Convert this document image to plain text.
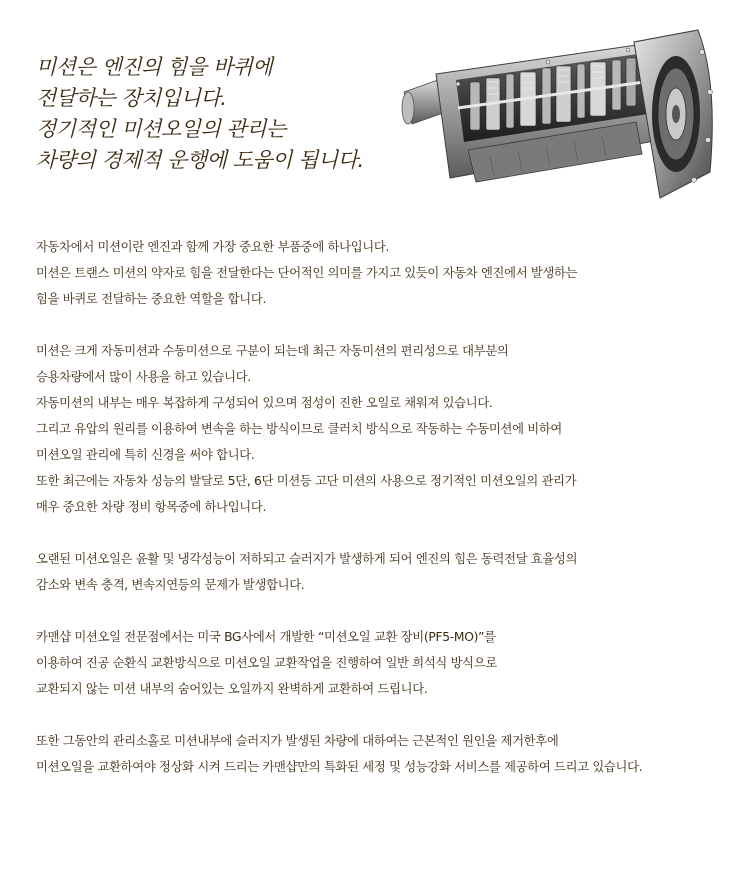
미션은 엔진의 힘을 바퀴에
전달하는 장치입니다.
정기적인 미션오일의 관리는
차량의 경제적 운행에 도움이 됩니다.

자동차에서 미션이란 엔진과 함께 가장 중요한 부품중에 하나입니다.
미션은 트랜스 미션의 약자로 힘을 전달한다는 단어적인 의미를 가지고 있듯이 자동차 엔진에서 발생하는
힘을 바퀴로 전달하는 중요한 역할을 합니다.

미션은 크게 자동미션과 수동미션으로 구분이 되는데 최근 자동미션의 편리성으로 대부분의
승용차량에서 많이 사용을 하고 있습니다.
자동미션의 내부는 매우 복잡하게 구성되어 있으며 점성이 진한 오일로 채워져 있습니다.
그리고 유압의 원리를 이용하여 변속을 하는 방식이므로 클러치 방식으로 작동하는 수동미션에 비하여
미션오일 관리에 특히 신경을 써야 합니다.
또한 최근에는 자동차 성능의 발달로 5단, 6단 미션등 고단 미션의 사용으로 정기적인 미션오일의 관리가
매우 중요한 차량 정비 항목중에 하나입니다.

오랜된 미션오일은 윤활 및 냉각성능이 저하되고 슬러지가 발생하게 되어 엔진의 힘은 동력전달 효율성의
감소와 변속 충격, 변속지연등의 문제가 발생합니다.

카맨샵 미션오일 전문점에서는 미국 BG사에서 개발한 “미션오일 교환 장비(PF5-MO)”를
이용하여 진공 순환식 교환방식으로 미션오일 교환작업을 진행하여 일반 희석식 방식으로
교환되지 않는 미션 내부의 숨어있는 오일까지 완벽하게 교환하여 드립니다.

또한 그동안의 관리소홀로 미션내부에 슬러지가 발생된 차량에 대하여는 근본적인 원인을 제거한후에
미션오일을 교환하여야 정상화 시켜 드리는 카맨샵만의 특화된 세정 및 성능강화 서비스를 제공하여 드리고 있습니다.
